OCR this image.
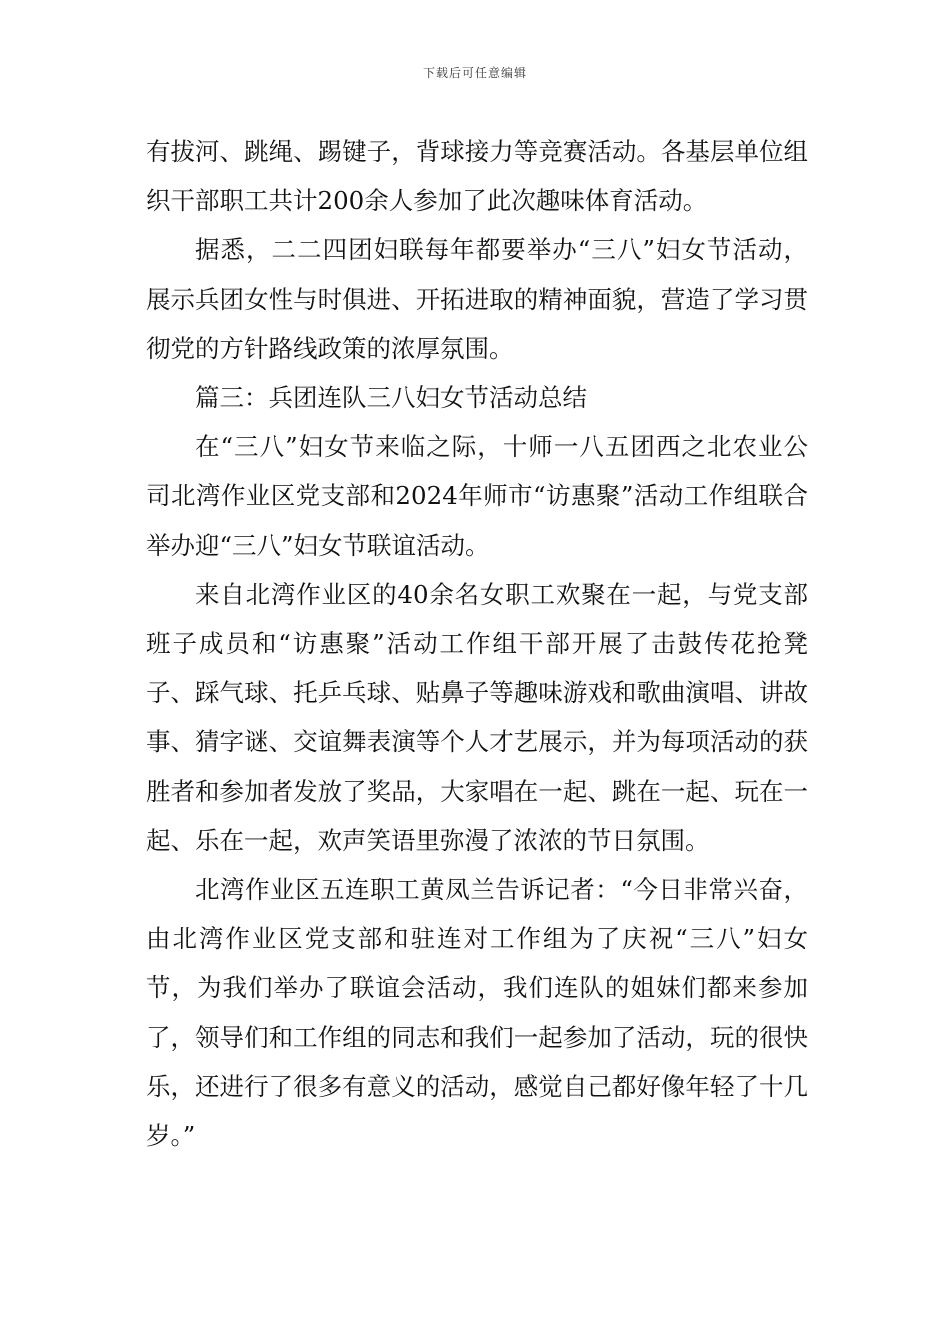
下载后可任意编辑

有拔河、跳绳、踢键子，背球接力等竞赛活动。各基层单位组织干部职工共计200余人参加了此次趣味体育活动。

据悉，二二四团妇联每年都要举办“三八”妇女节活动，展示兵团女性与时俱进、开拓进取的精神面貌，营造了学习贯彻党的方针路线政策的浓厚氛围。

篇三：兵团连队三八妇女节活动总结

在“三八”妇女节来临之际，十师一八五团西之北农业公司北湾作业区党支部和2024年师市“访惠聚”活动工作组联合举办迎“三八”妇女节联谊活动。

来自北湾作业区的40余名女职工欢聚在一起，与党支部班子成员和“访惠聚”活动工作组干部开展了击鼓传花抢凳子、踩气球、托乒乓球、贴鼻子等趣味游戏和歌曲演唱、讲故事、猜字谜、交谊舞表演等个人才艺展示，并为每项活动的获胜者和参加者发放了奖品，大家唱在一起、跳在一起、玩在一起、乐在一起，欢声笑语里弥漫了浓浓的节日氛围。

北湾作业区五连职工黄凤兰告诉记者：“今日非常兴奋，由北湾作业区党支部和驻连对工作组为了庆祝“三八”妇女节，为我们举办了联谊会活动，我们连队的姐妹们都来参加了，领导们和工作组的同志和我们一起参加了活动，玩的很快乐，还进行了很多有意义的活动，感觉自己都好像年轻了十几岁。”
